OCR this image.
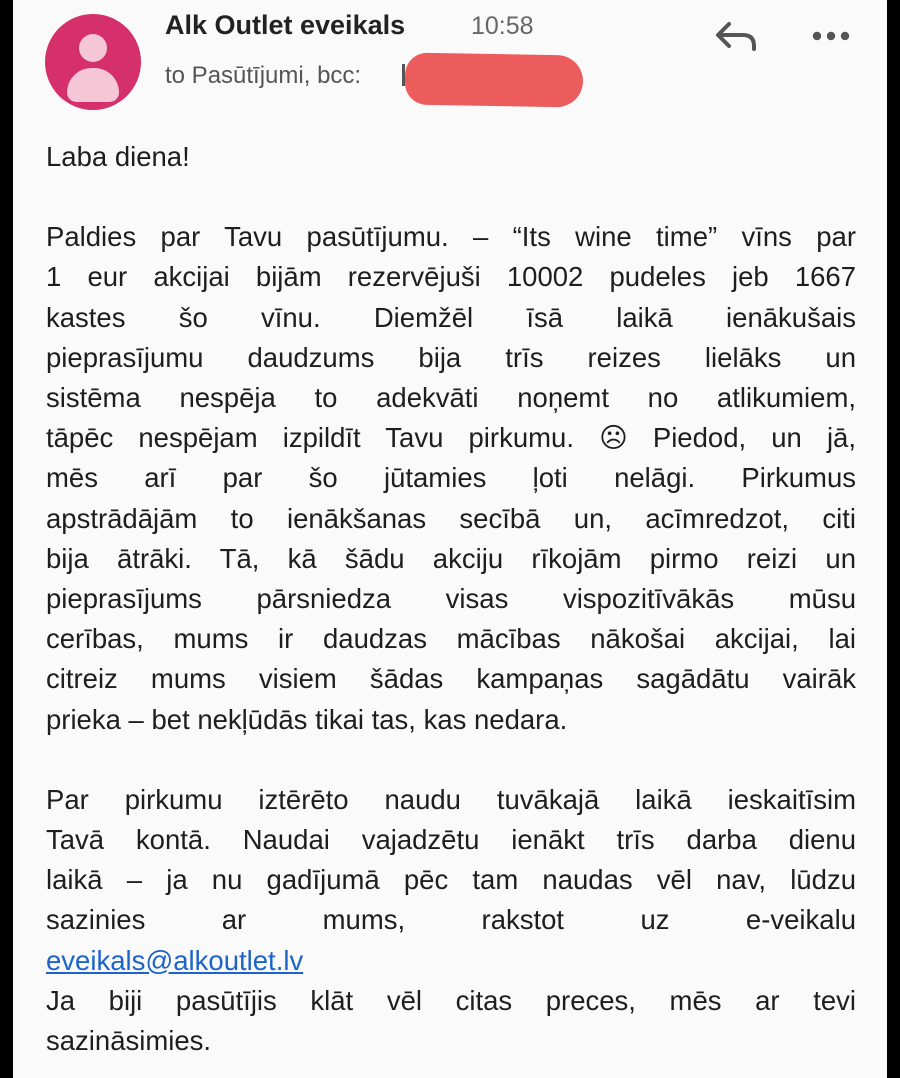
Alk Outlet eveikals	10:58
to Pasūtījumi, bcc:

Laba diena!

Paldies par Tavu pasūtījumu. – “Its wine time” vīns par
1 eur akcijai bijām rezervējuši 10002 pudeles jeb 1667
kastes šo vīnu. Diemžēl īsā laikā ienākušais
pieprasījumu daudzums bija trīs reizes lielāks un
sistēma nespēja to adekvāti noņemt no atlikumiem,
tāpēc nespējam izpildīt Tavu pirkumu. ☹ Piedod, un jā,
mēs arī par šo jūtamies ļoti nelāgi. Pirkumus
apstrādājām to ienākšanas secībā un, acīmredzot, citi
bija ātrāki. Tā, kā šādu akciju rīkojām pirmo reizi un
pieprasījums pārsniedza visas vispozitīvākās mūsu
cerības, mums ir daudzas mācības nākošai akcijai, lai
citreiz mums visiem šādas kampaņas sagādātu vairāk
prieka – bet nekļūdās tikai tas, kas nedara.

Par pirkumu iztērēto naudu tuvākajā laikā ieskaitīsim
Tavā kontā. Naudai vajadzētu ienākt trīs darba dienu
laikā – ja nu gadījumā pēc tam naudas vēl nav, lūdzu
sazinies ar mums, rakstot uz e-veikalu
eveikals@alkoutlet.lv

Ja biji pasūtījis klāt vēl citas preces, mēs ar tevi
sazināsimies.
